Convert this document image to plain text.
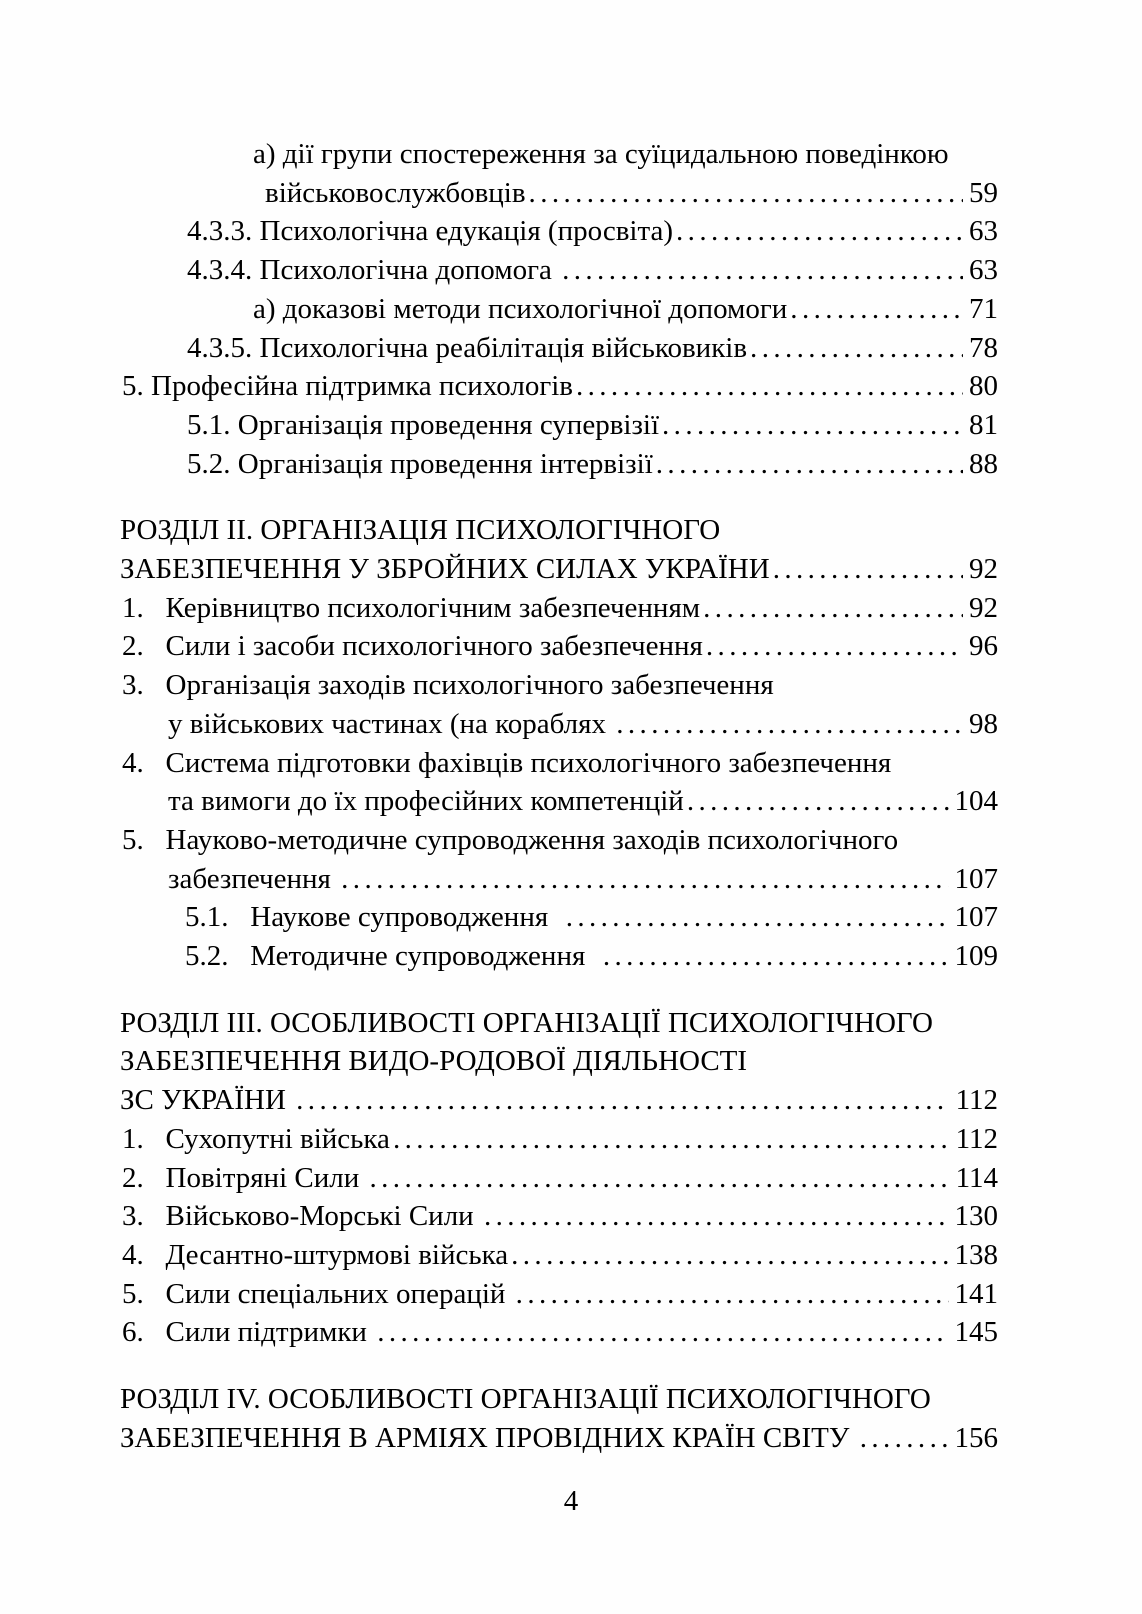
а) дії групи спостереження за суїцидальною поведінкою
військовослужбовців .....	59
4.3.3. Психологічна едукація (просвіта) .....	63
4.3.4. Психологічна допомога .....	63
а) доказові методи психологічної допомоги .....	71
4.3.5. Психологічна реабілітація військовиків .....	78
5. Професійна підтримка психологів .....	80
5.1. Організація проведення супервізії .....	81
5.2. Організація проведення інтервізії .....	88
РОЗДІЛ II. ОРГАНІЗАЦІЯ ПСИХОЛОГІЧНОГО
ЗАБЕЗПЕЧЕННЯ У ЗБРОЙНИХ СИЛАХ УКРАЇНИ .....	92
1.   Керівництво психологічним забезпеченням .....	92
2.   Сили і засоби психологічного забезпечення .....	96
3.   Організація заходів психологічного забезпечення
у військових частинах (на кораблях .....	98
4.   Система підготовки фахівців психологічного забезпечення
та вимоги до їх професійних компетенцій .....	104
5.   Науково-методичне супроводження заходів психологічного
забезпечення .....	107
5.1.   Наукове супроводження .....	107
5.2.   Методичне супроводження .....	109
РОЗДІЛ III. ОСОБЛИВОСТІ ОРГАНІЗАЦІЇ ПСИХОЛОГІЧНОГО
ЗАБЕЗПЕЧЕННЯ ВИДО-РОДОВОЇ ДІЯЛЬНОСТІ
ЗС УКРАЇНИ .....	112
1.   Сухопутні війська .....	112
2.   Повітряні Сили .....	114
3.   Військово-Морські Сили .....	130
4.   Десантно-штурмові війська .....	138
5.   Сили спеціальних операцій .....	141
6.   Сили підтримки .....	145
РОЗДІЛ IV. ОСОБЛИВОСТІ ОРГАНІЗАЦІЇ ПСИХОЛОГІЧНОГО
ЗАБЕЗПЕЧЕННЯ В АРМІЯХ ПРОВІДНИХ КРАЇН СВІТУ .....	156
4
